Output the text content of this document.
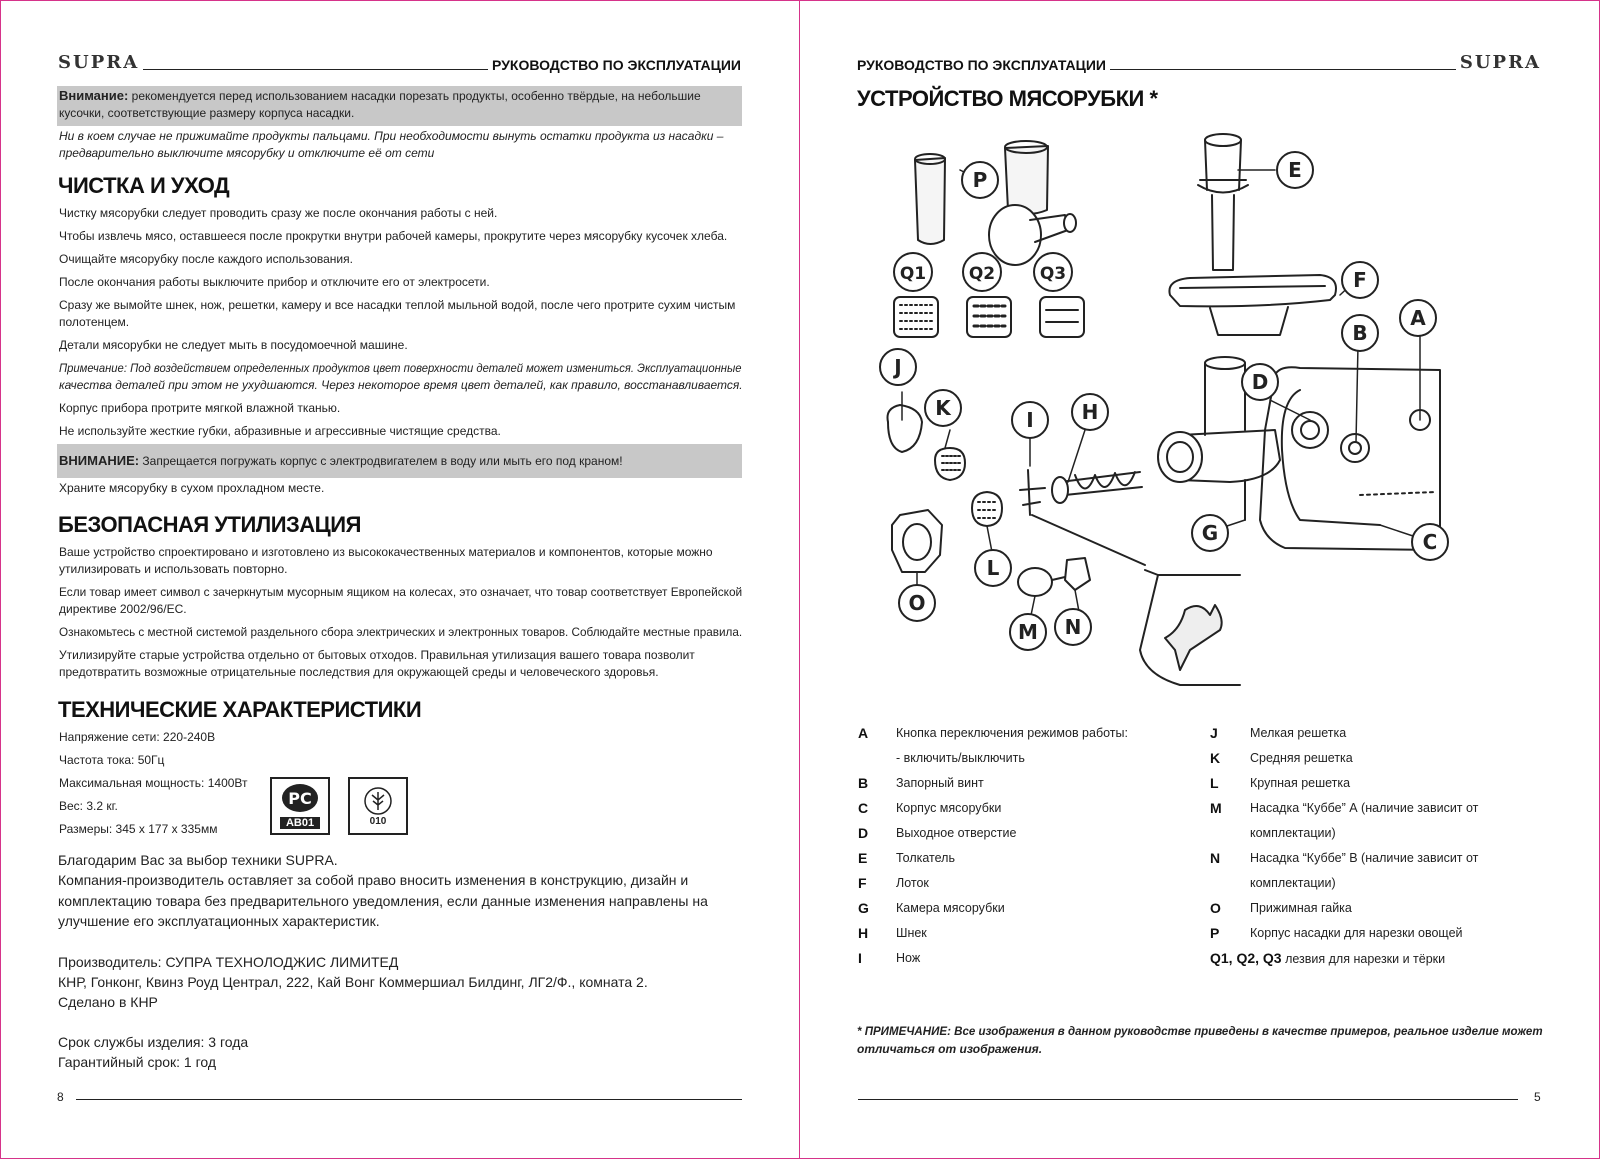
SUPRA	РУКОВОДСТВО ПО ЭКСПЛУАТАЦИИ
Внимание: рекомендуется перед использованием насадки порезать продукты, особенно твёрдые, на небольшие
кусочки, соответствующие размеру корпуса насадки.
Ни в коем случае не прижимайте продукты пальцами. При необходимости вынуть остатки продукта из насадки –
предварительно выключите мясорубку и отключите её от сети
ЧИСТКА И УХОД
Чистку мясорубки следует проводить сразу же после окончания работы с ней.
Чтобы извлечь мясо, оставшееся после прокрутки внутри рабочей камеры, прокрутите через мясорубку кусочек хлеба.
Очищайте мясорубку после каждого использования.
После окончания работы выключите прибор и отключите его от электросети.
Сразу же вымойте шнек, нож, решетки, камеру и все насадки теплой мыльной водой, после чего протрите сухим чистым
полотенцем.
Детали мясорубки не следует мыть в посудомоечной машине.
Примечание: Под воздействием определенных продуктов цвет поверхности деталей может измениться. Эксплуатационные
качества деталей при этом не ухудшаются. Через некоторое время цвет деталей, как правило, восстанавливается.
Корпус прибора протрите мягкой влажной тканью.
Не используйте жесткие губки, абразивные и агрессивные чистящие средства.
ВНИМАНИЕ: Запрещается погружать корпус с электродвигателем в воду или мыть его под краном!
Храните мясорубку в сухом прохладном месте.
БЕЗОПАСНАЯ УТИЛИЗАЦИЯ
Ваше устройство спроектировано и изготовлено из высококачественных материалов и компонентов, которые можно
утилизировать и использовать повторно.
Если товар имеет символ с зачеркнутым мусорным ящиком на колесах, это означает, что товар соответствует Европейской
директиве 2002/96/EC.
Ознакомьтесь с местной системой раздельного сбора электрических и электронных товаров. Соблюдайте местные правила.
Утилизируйте старые устройства отдельно от бытовых отходов. Правильная утилизация вашего товара позволит
предотвратить возможные отрицательные последствия для окружающей среды и человеческого здоровья.
ТЕХНИЧЕСКИЕ ХАРАКТЕРИСТИКИ
Напряжение сети: 220-240В
Частота тока: 50Гц
Максимальная мощность: 1400Вт
Вес: 3.2 кг.
Размеры: 345 х 177 х 335мм
PC
АВ01	010
Благодарим Вас за выбор техники SUPRA.
Компания-производитель оставляет за собой право вносить изменения в конструкцию, дизайн и
комплектацию товара без предварительного уведомления, если данные изменения направлены на
улучшение его эксплуатационных характеристик.
Производитель: СУПРА ТЕХНОЛОДЖИС ЛИМИТЕД
КНР, Гонконг, Квинз Роуд Централ, 222, Кай Вонг Коммершиал Билдинг, ЛГ2/Ф., комната 2.
Сделано в КНР
Срок службы изделия: 3 года
Гарантийный срок: 1 год
8
РУКОВОДСТВО ПО ЭКСПЛУАТАЦИИ	SUPRA
УСТРОЙСТВО МЯСОРУБКИ *
P
Q1	Q2	Q3
E
F
A
B
D
J
K	I H
G	C
L
O
M N
A Кнопка переключения режимов работы:
- включить/выключить
B Запорный винт
C Корпус мясорубки
D Выходное отверстие
E Толкатель
F Лоток
G Камера мясорубки
H Шнек
I	Нож
J	Мелкая решетка
K Средняя решетка
L	Крупная решетка
M Насадка “Куббе” А (наличие зависит от
комплектации)
N Насадка “Куббе” B (наличие зависит от
комплектации)
O Прижимная гайка
P Корпус насадки для нарезки овощей
Q1, Q2, Q3 лезвия для нарезки и тёрки
* ПРИМЕЧАНИЕ: Все изображения в данном руководстве приведены в качестве примеров, реальное изделие может
отличаться от изображения.
5
